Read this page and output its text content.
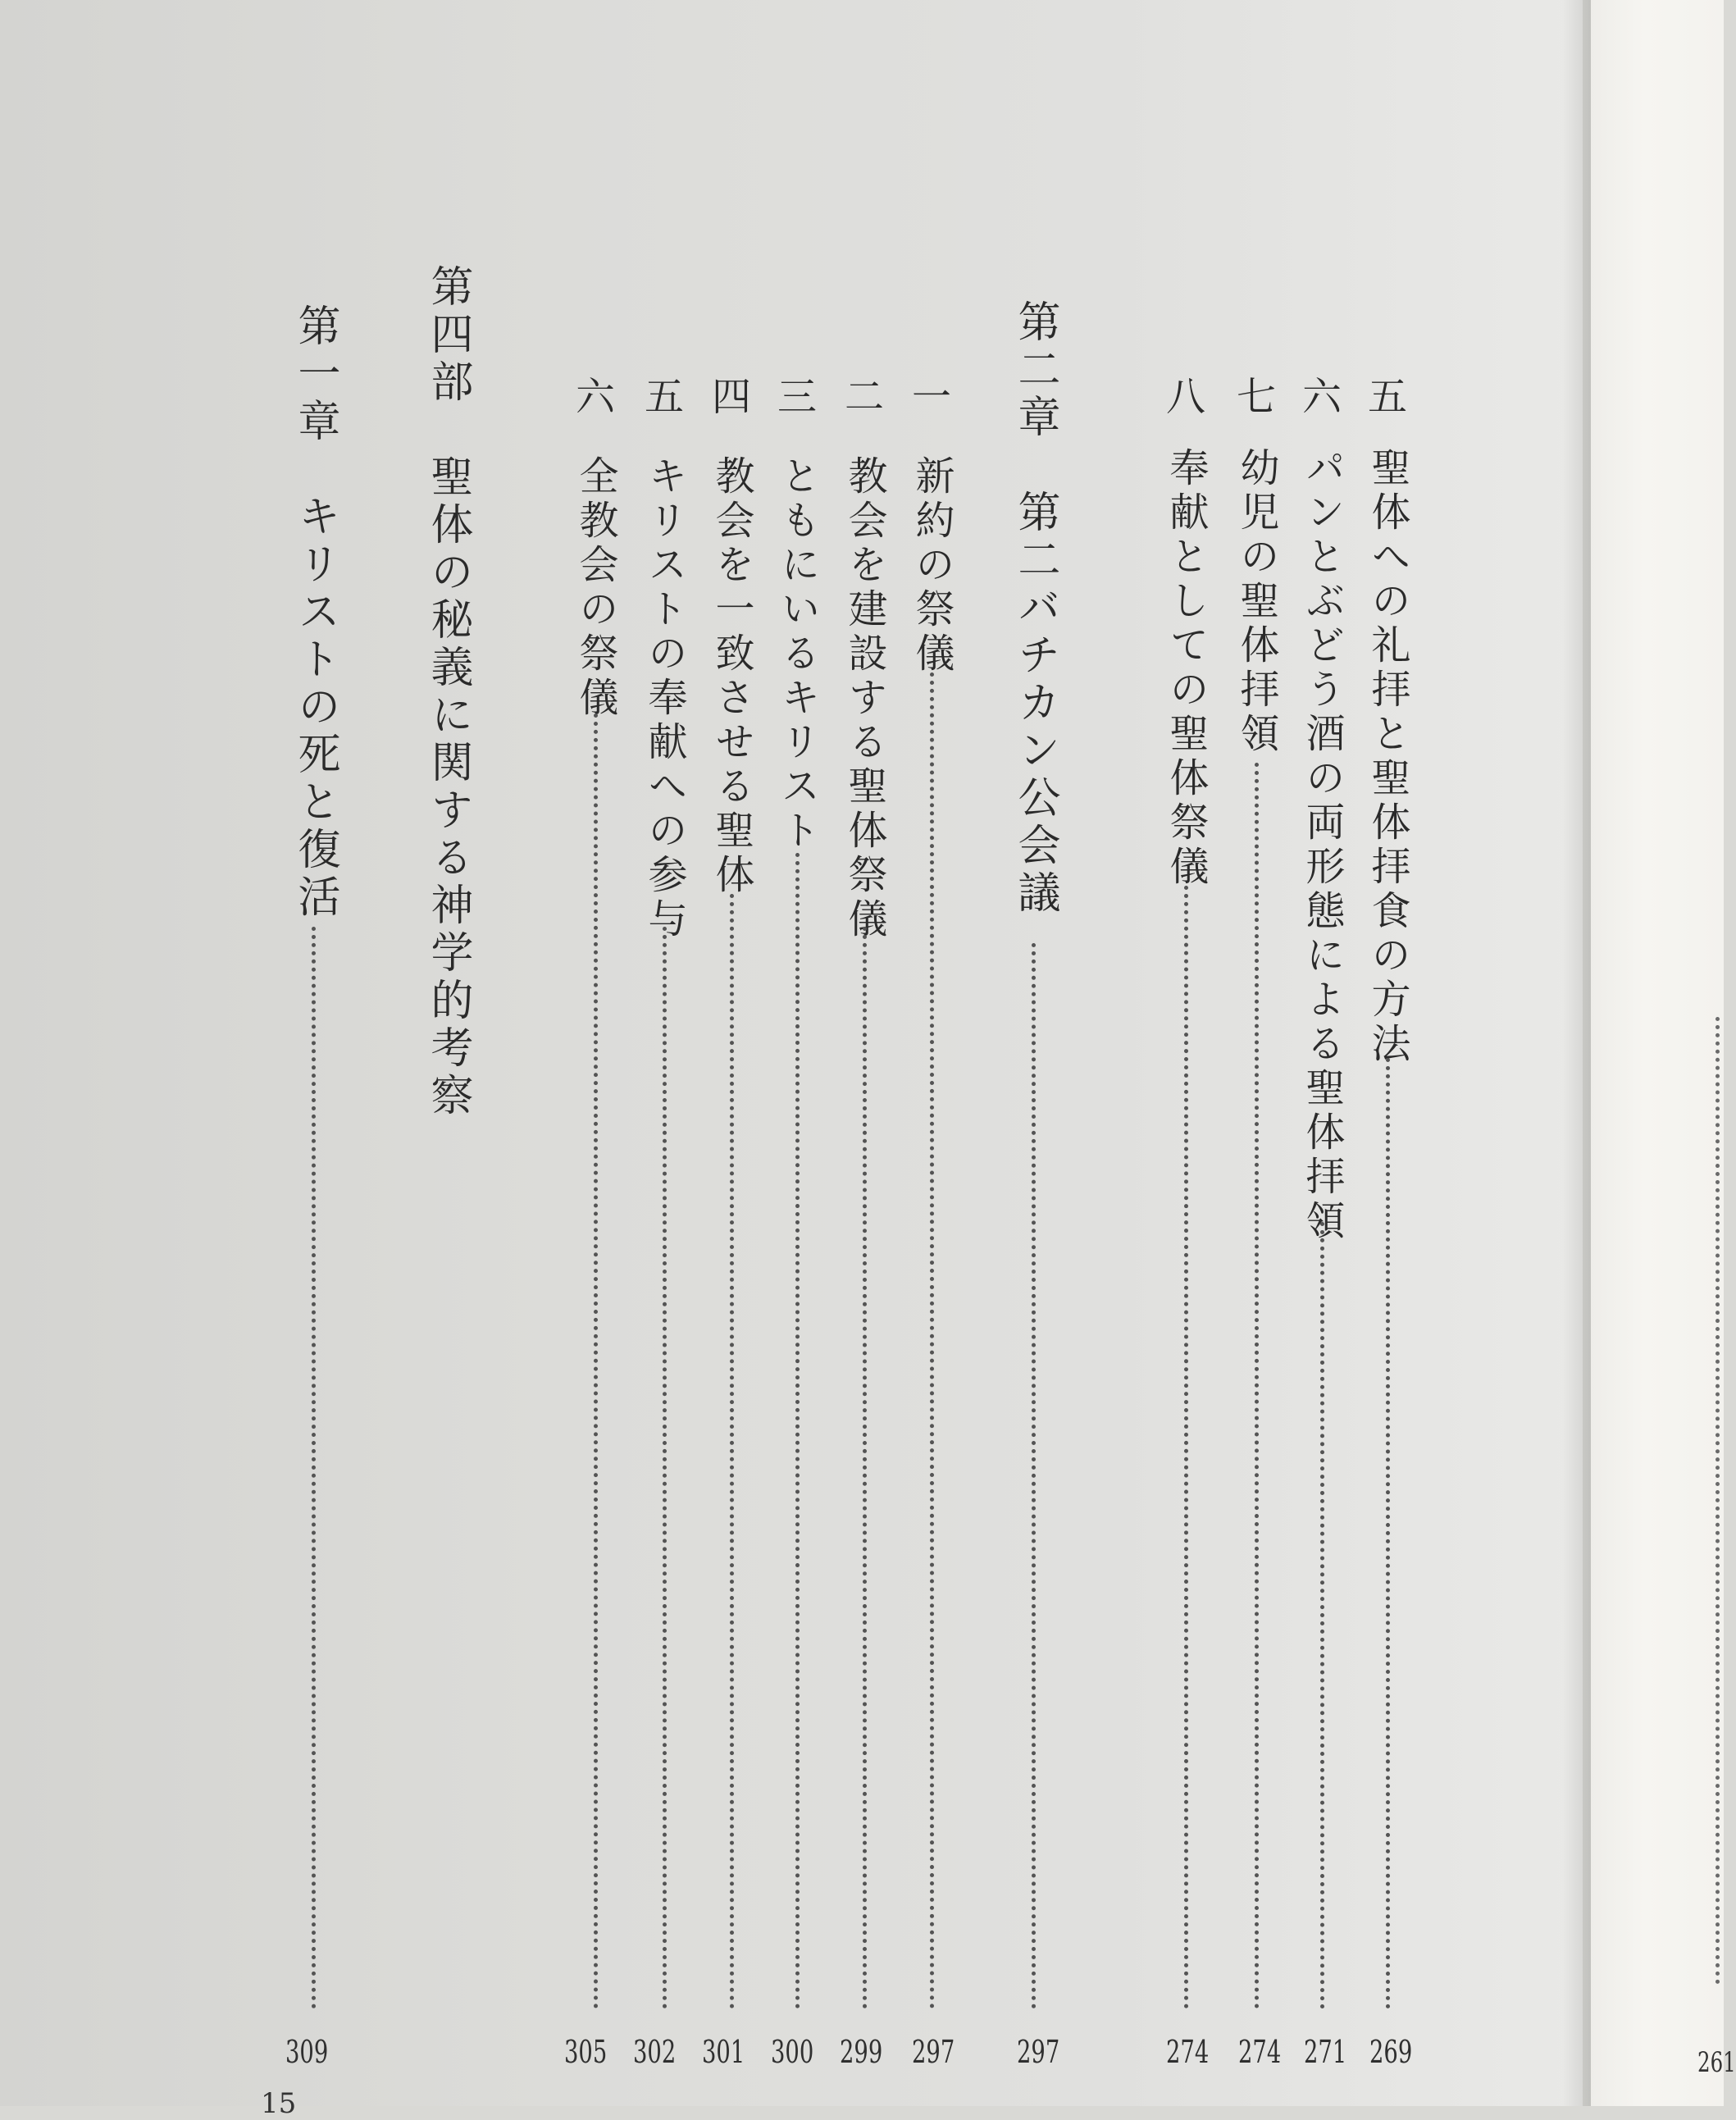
261
五
聖体への礼拝と聖体拝食の方法
269
六
パンとぶどう酒の両形態による聖体拝領
271
七
幼児の聖体拝領
274
八
奉献としての聖体祭儀
274
第二章　第二バチカン公会議
297
一
新約の祭儀
297
二
教会を建設する聖体祭儀
299
三
ともにいるキリスト
300
四
教会を一致させる聖体
301
五
キリストの奉献への参与
302
六
全教会の祭儀
305
第四部　聖体の秘義に関する神学的考察
第一章　キリストの死と復活
309
15
